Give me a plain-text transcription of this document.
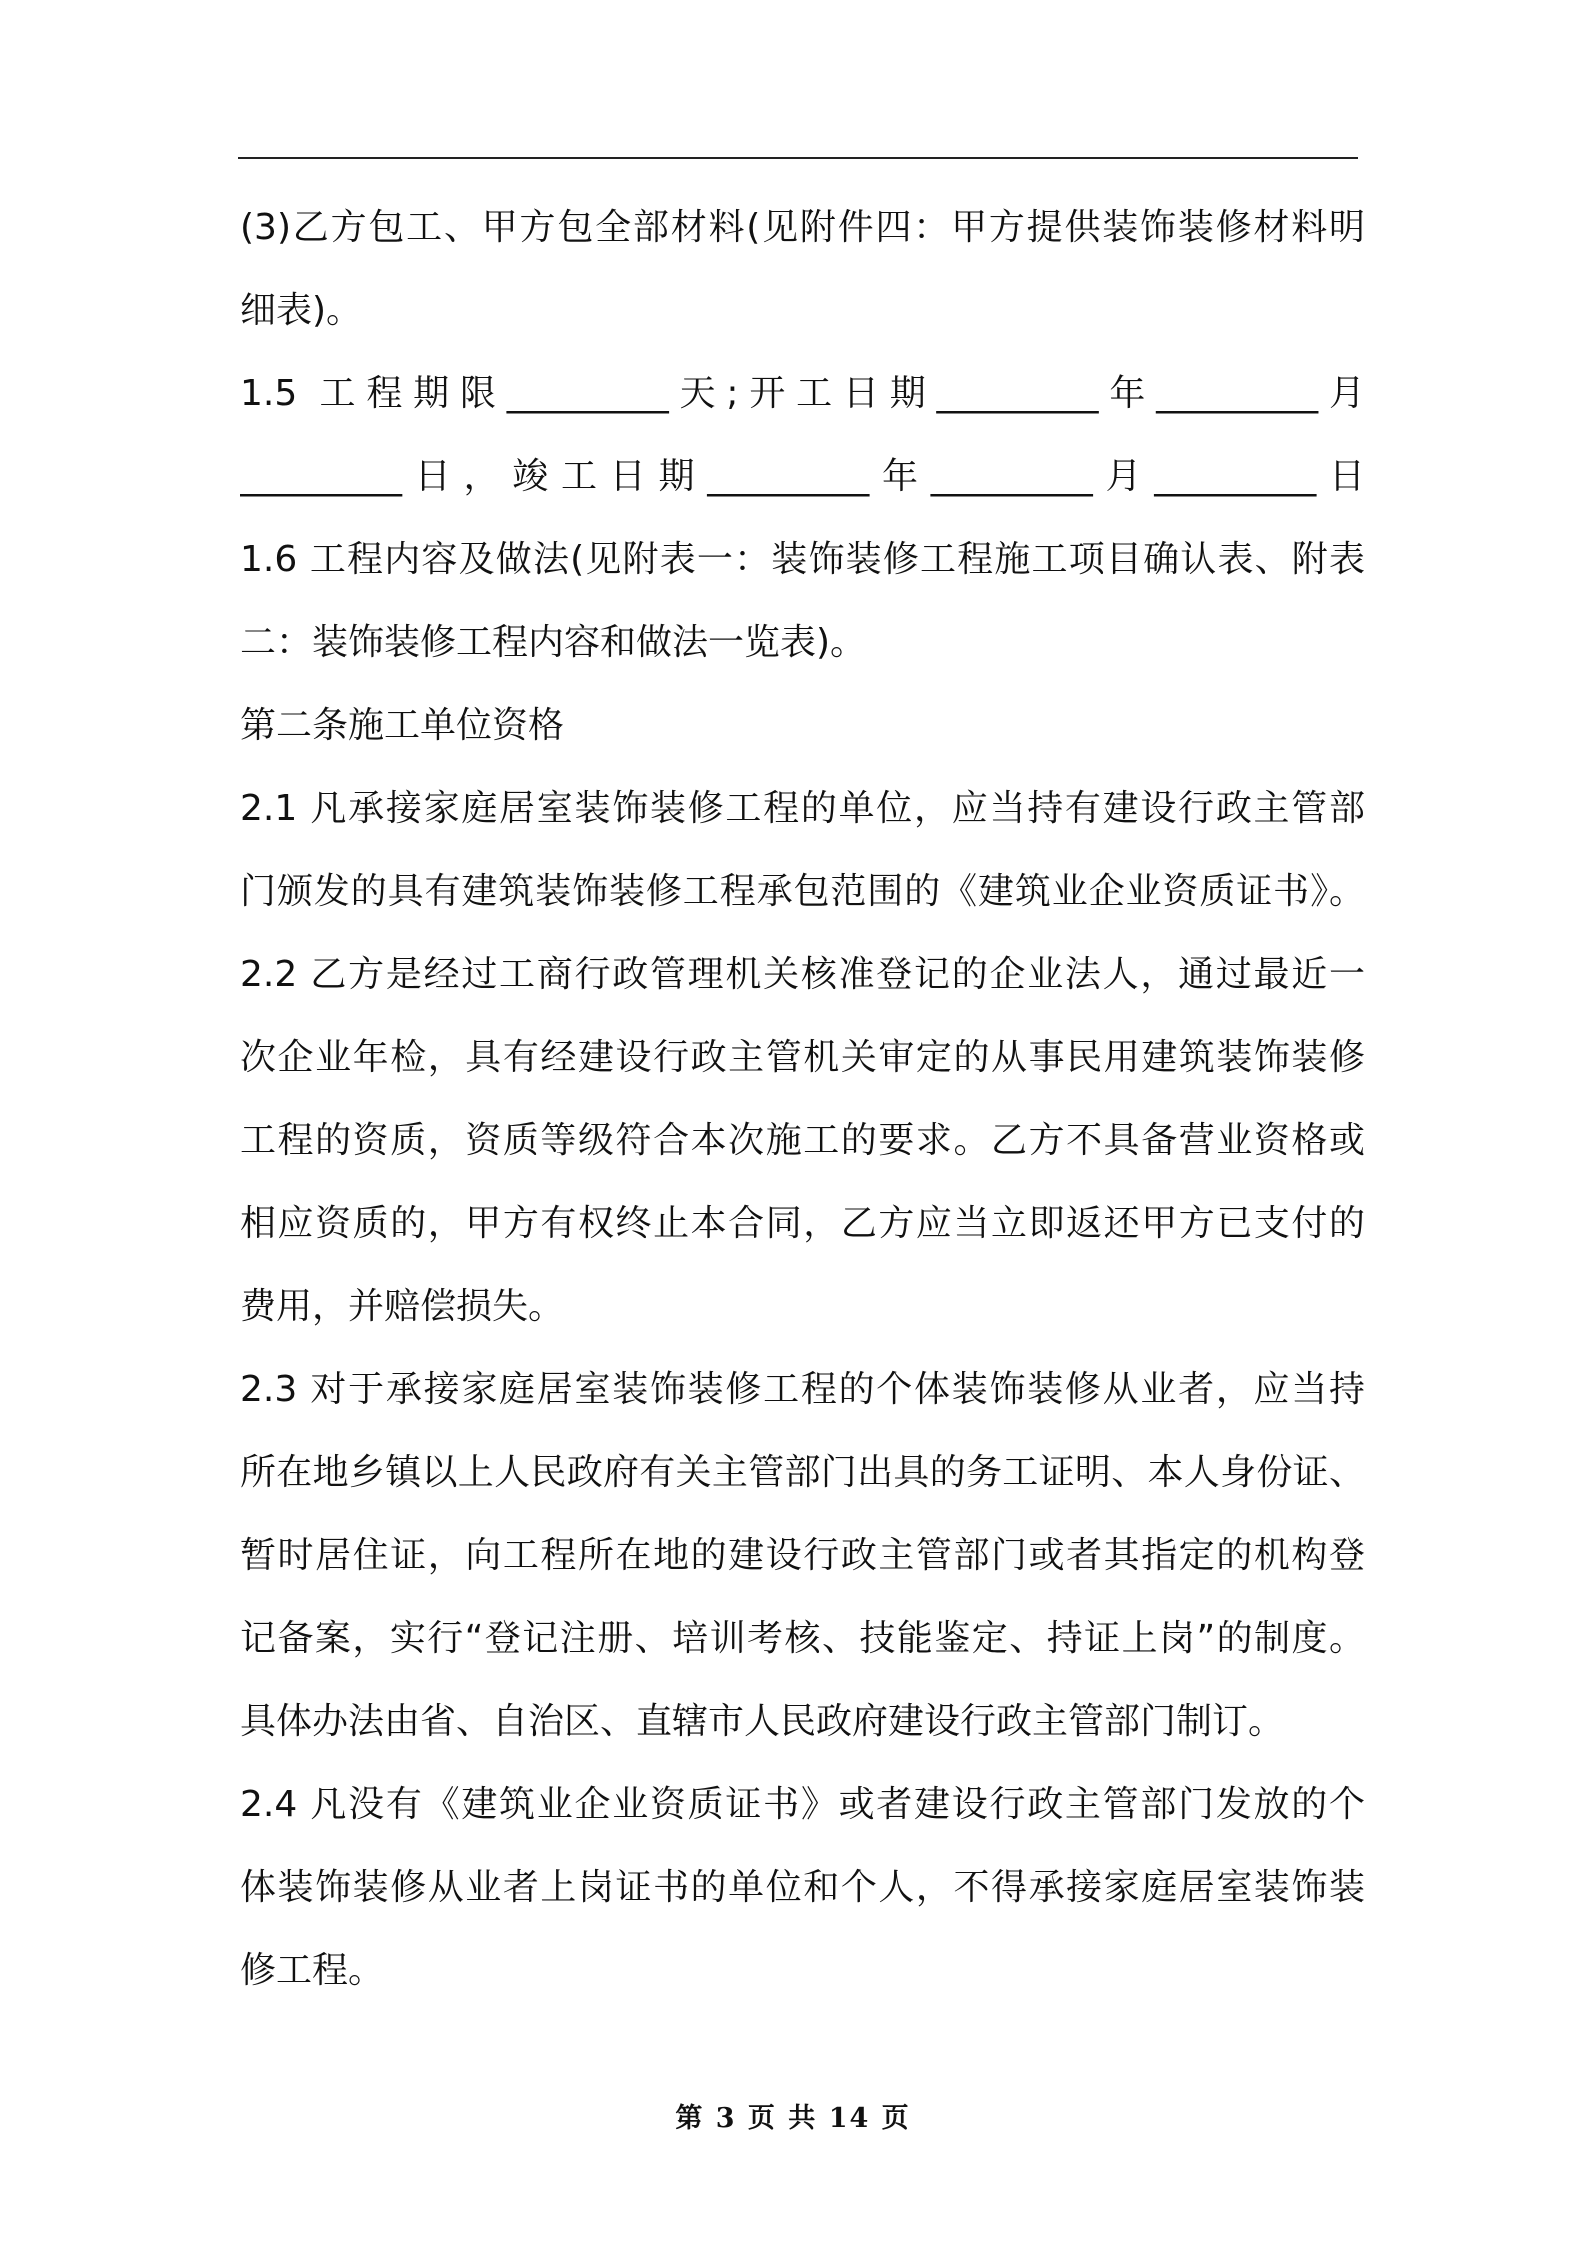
(3)乙方包工、甲方包全部材料(见附件四：甲方提供装饰装修材料明
细表)。
1.5 工程期限_________天;开工日期_________年_________月
_________日，竣工日期_________年_________月_________日
1.6 工程内容及做法(见附表一：装饰装修工程施工项目确认表、附表
二：装饰装修工程内容和做法一览表)。
第二条施工单位资格
2.1 凡承接家庭居室装饰装修工程的单位，应当持有建设行政主管部
门颁发的具有建筑装饰装修工程承包范围的《建筑业企业资质证书》。
2.2 乙方是经过工商行政管理机关核准登记的企业法人，通过最近一
次企业年检，具有经建设行政主管机关审定的从事民用建筑装饰装修
工程的资质，资质等级符合本次施工的要求。乙方不具备营业资格或
相应资质的，甲方有权终止本合同，乙方应当立即返还甲方已支付的
费用，并赔偿损失。
2.3 对于承接家庭居室装饰装修工程的个体装饰装修从业者，应当持
所在地乡镇以上人民政府有关主管部门出具的务工证明、本人身份证、
暂时居住证，向工程所在地的建设行政主管部门或者其指定的机构登
记备案，实行“登记注册、培训考核、技能鉴定、持证上岗”的制度。
具体办法由省、自治区、直辖市人民政府建设行政主管部门制订。
2.4 凡没有《建筑业企业资质证书》或者建设行政主管部门发放的个
体装饰装修从业者上岗证书的单位和个人，不得承接家庭居室装饰装
修工程。
第 3 页 共 14 页
